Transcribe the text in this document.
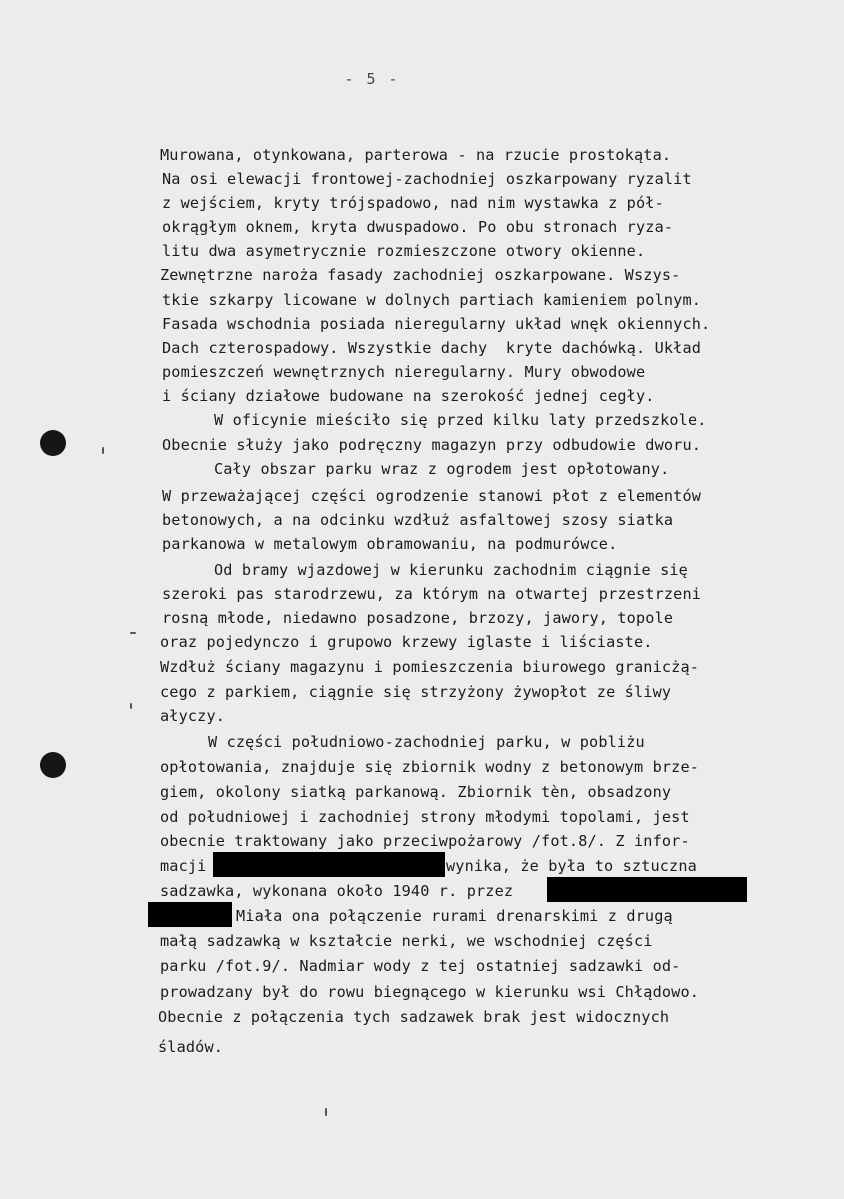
- 5 -
Murowana, otynkowana, parterowa - na rzucie prostokąta.
Na osi elewacji frontowej-zachodniej oszkarpowany ryzalit
z wejściem, kryty trójspadowo, nad nim wystawka z pół-
okrągłym oknem, kryta dwuspadowo. Po obu stronach ryza-
litu dwa asymetrycznie rozmieszczone otwory okienne.
Zewnętrzne naroża fasady zachodniej oszkarpowane. Wszys-
tkie szkarpy licowane w dolnych partiach kamieniem polnym.
Fasada wschodnia posiada nieregularny układ wnęk okiennych.
Dach czterospadowy. Wszystkie dachy  kryte dachówką. Układ
pomieszczeń wewnętrznych nieregularny. Mury obwodowe
i ściany działowe budowane na szerokość jednej cegły.
W oficynie mieściło się przed kilku laty przedszkole.
Obecnie służy jako podręczny magazyn przy odbudowie dworu.
Cały obszar parku wraz z ogrodem jest opłotowany.
W przeważającej części ogrodzenie stanowi płot z elementów
betonowych, a na odcinku wzdłuż asfaltowej szosy siatka
parkanowa w metalowym obramowaniu, na podmurówce.
Od bramy wjazdowej w kierunku zachodnim ciągnie się
szeroki pas starodrzewu, za którym na otwartej przestrzeni
rosną młode, niedawno posadzone, brzozy, jawory, topole
oraz pojedynczo i grupowo krzewy iglaste i liściaste.
Wzdłuż ściany magazynu i pomieszczenia biurowego granicżą-
cego z parkiem, ciągnie się strzyżony żywopłot ze śliwy
ałyczy.
W części południowo-zachodniej parku, w pobliżu
opłotowania, znajduje się zbiornik wodny z betonowym brze-
giem, okolony siatką parkanową. Zbiornik tèn, obsadzony
od południowej i zachodniej strony młodymi topolami, jest
obecnie traktowany jako przeciwpożarowy /fot.8/. Z infor-
macji	wynika, że była to sztuczna
sadzawka, wykonana około 1940 r. przez
Miała ona połączenie rurami drenarskimi z drugą
małą sadzawką w kształcie nerki, we wschodniej części
parku /fot.9/. Nadmiar wody z tej ostatniej sadzawki od-
prowadzany był do rowu biegnącego w kierunku wsi Chłądowo.
Obecnie z połączenia tych sadzawek brak jest widocznych
śladów.
